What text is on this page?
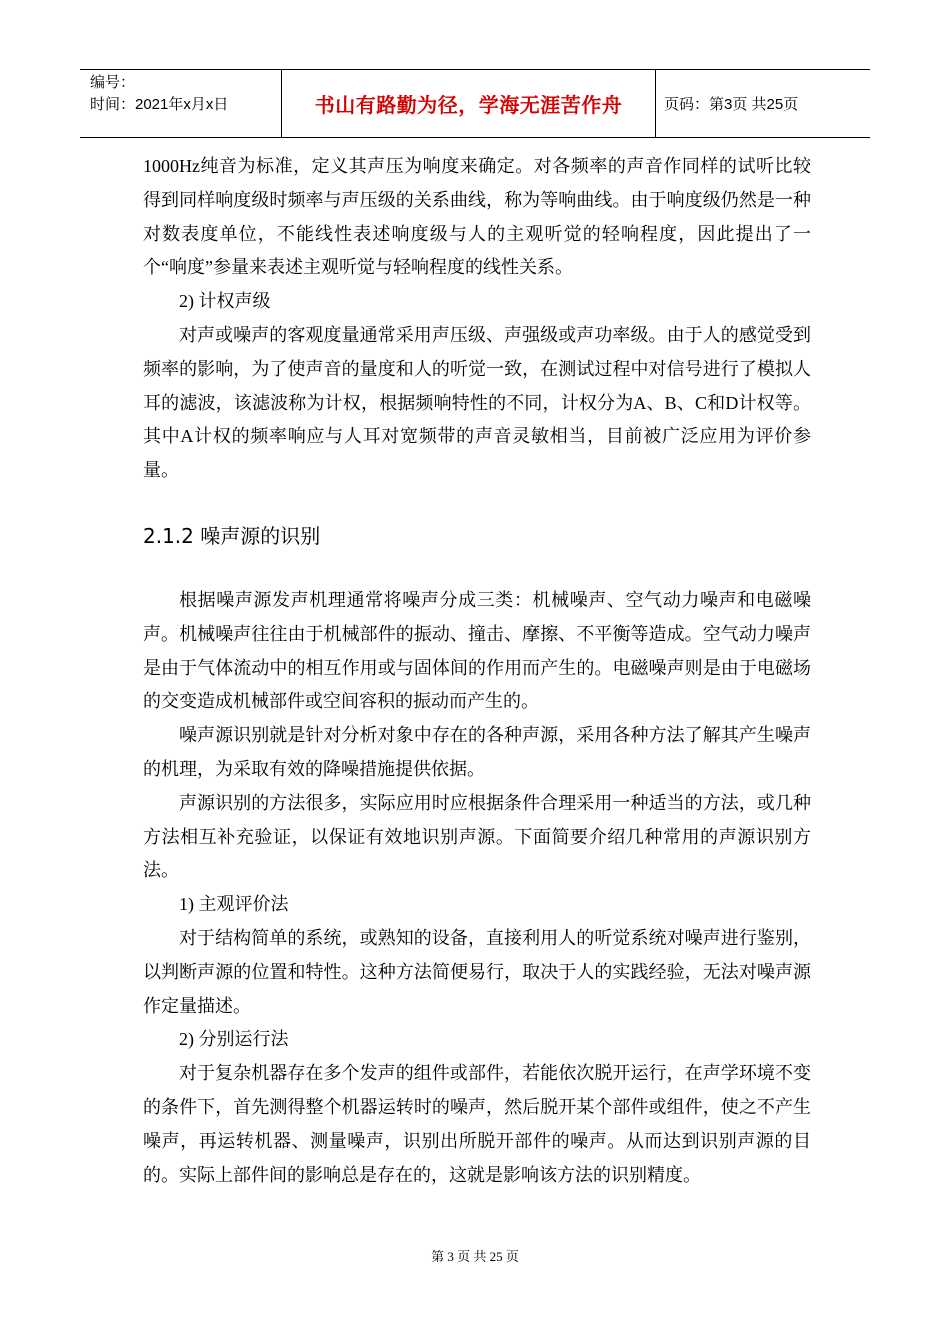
编号：
时间：2021年x月x日	书山有路勤为径，学海无涯苦作舟	页码：第3页 共25页

1000Hz纯音为标准，定义其声压为响度来确定。对各频率的声音作同样的试听比较得到同样响度级时频率与声压级的关系曲线，称为等响曲线。由于响度级仍然是一种对数表度单位，不能线性表述响度级与人的主观听觉的轻响程度，因此提出了一个“响度”参量来表述主观听觉与轻响程度的线性关系。

2) 计权声级

对声或噪声的客观度量通常采用声压级、声强级或声功率级。由于人的感觉受到频率的影响，为了使声音的量度和人的听觉一致，在测试过程中对信号进行了模拟人耳的滤波，该滤波称为计权，根据频响特性的不同，计权分为A、B、C和D计权等。其中A计权的频率响应与人耳对宽频带的声音灵敏相当，目前被广泛应用为评价参量。

2.1.2 噪声源的识别

根据噪声源发声机理通常将噪声分成三类：机械噪声、空气动力噪声和电磁噪声。机械噪声往往由于机械部件的振动、撞击、摩擦、不平衡等造成。空气动力噪声是由于气体流动中的相互作用或与固体间的作用而产生的。电磁噪声则是由于电磁场的交变造成机械部件或空间容积的振动而产生的。

噪声源识别就是针对分析对象中存在的各种声源，采用各种方法了解其产生噪声的机理，为采取有效的降噪措施提供依据。

声源识别的方法很多，实际应用时应根据条件合理采用一种适当的方法，或几种方法相互补充验证，以保证有效地识别声源。下面简要介绍几种常用的声源识别方法。

1) 主观评价法

对于结构简单的系统，或熟知的设备，直接利用人的听觉系统对噪声进行鉴别，以判断声源的位置和特性。这种方法简便易行，取决于人的实践经验，无法对噪声源作定量描述。

2) 分别运行法

对于复杂机器存在多个发声的组件或部件，若能依次脱开运行，在声学环境不变的条件下，首先测得整个机器运转时的噪声，然后脱开某个部件或组件，使之不产生噪声，再运转机器、测量噪声，识别出所脱开部件的噪声。从而达到识别声源的目的。实际上部件间的影响总是存在的，这就是影响该方法的识别精度。

第 3 页 共 25 页
